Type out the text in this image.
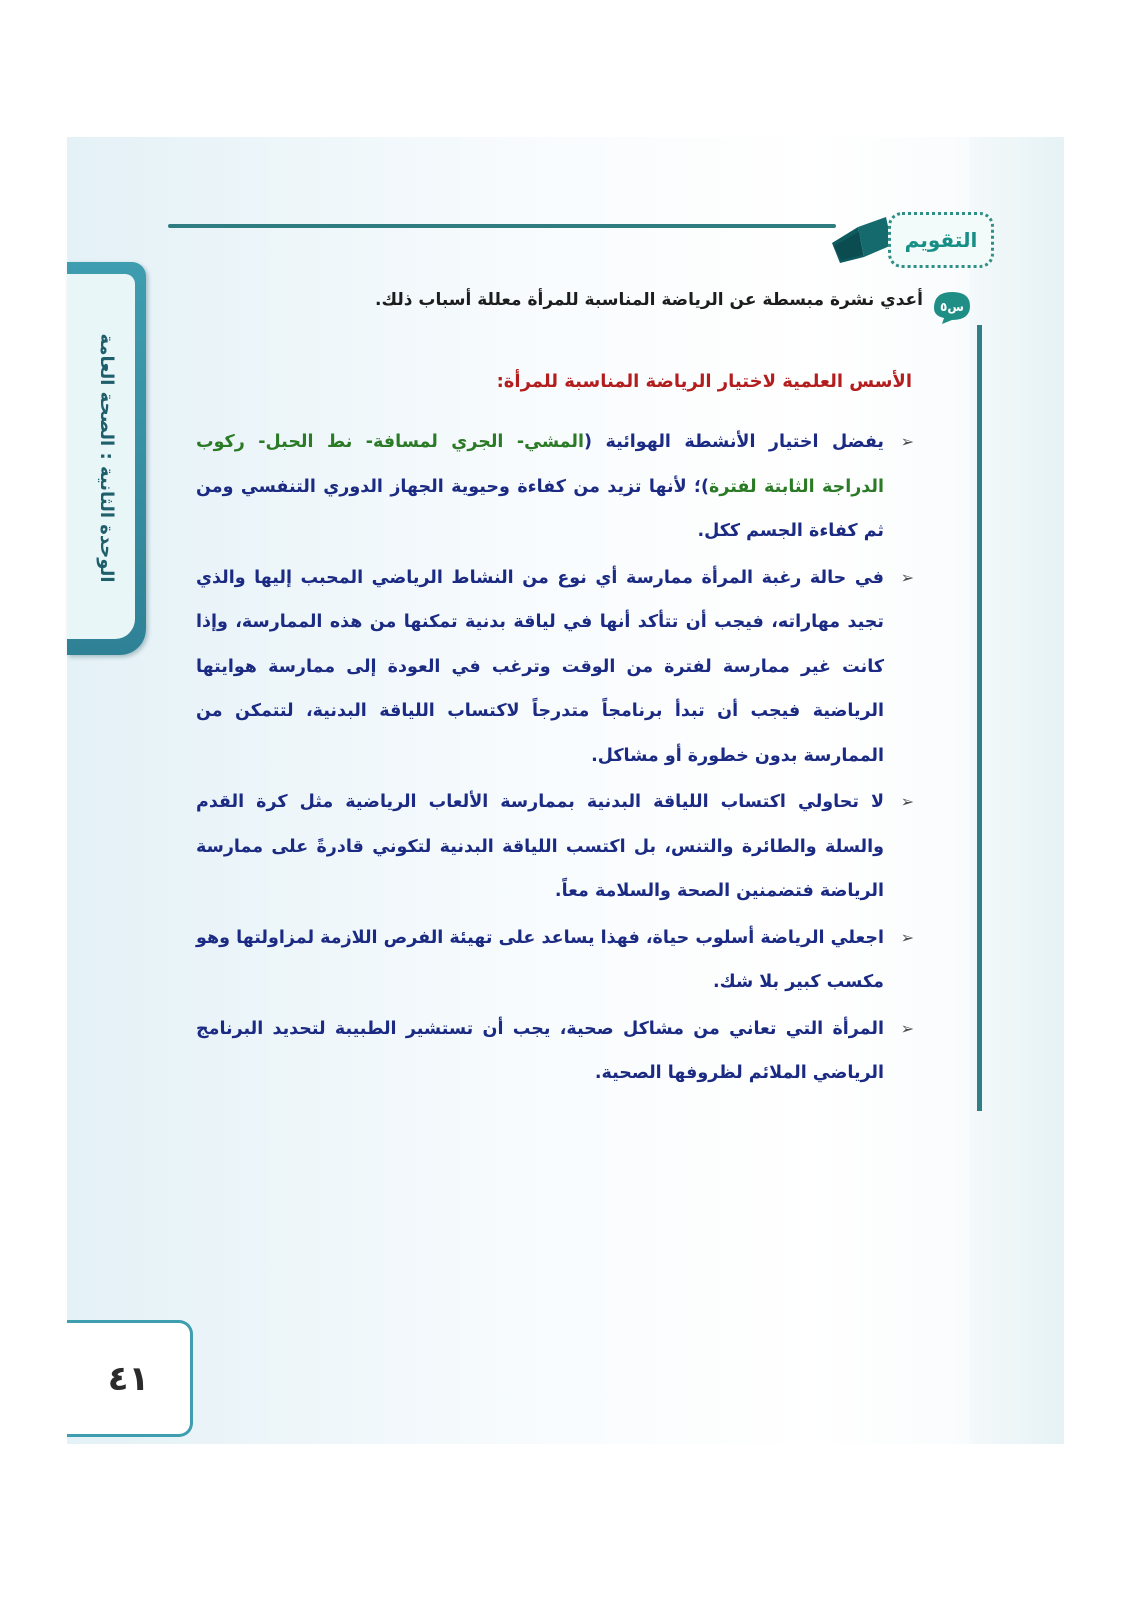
التقويم
س٥
أعدي نشرة مبسطة عن الرياضة المناسبة للمرأة معللة أسباب ذلك.
الوحدة الثانية : الصحة العامة	الأسس العلمية لاختيار الرياضة المناسبة للمرأة:
➢
يفضل اختيار الأنشطة الهوائية (المشي- الجري لمسافة- نط الحبل- ركوب الدراجة الثابتة لفترة)؛ لأنها تزيد من كفاءة وحيوية الجهاز الدوري التنفسي ومن ثم كفاءة الجسم ككل.
➢
في حالة رغبة المرأة ممارسة أي نوع من النشاط الرياضي المحبب إليها والذي تجيد مهاراته، فيجب أن تتأكد أنها في لياقة بدنية تمكنها من هذه الممارسة، وإذا كانت غير ممارسة لفترة من الوقت وترغب في العودة إلى ممارسة هوايتها الرياضية فيجب أن تبدأ برنامجاً متدرجاً لاكتساب اللياقة البدنية، لتتمكن من الممارسة بدون خطورة أو مشاكل.
➢
لا تحاولي اكتساب اللياقة البدنية بممارسة الألعاب الرياضية مثل كرة القدم والسلة والطائرة والتنس، بل اكتسب اللياقة البدنية لتكوني قادرةً على ممارسة الرياضة فتضمنين الصحة والسلامة معاً.
➢
اجعلي الرياضة أسلوب حياة، فهذا يساعد على تهيئة الفرص اللازمة لمزاولتها وهو مكسب كبير بلا شك.
➢
المرأة التي تعاني من مشاكل صحية، يجب أن تستشير الطبيبة لتحديد البرنامج الرياضي الملائم لظروفها الصحية.
٤١
